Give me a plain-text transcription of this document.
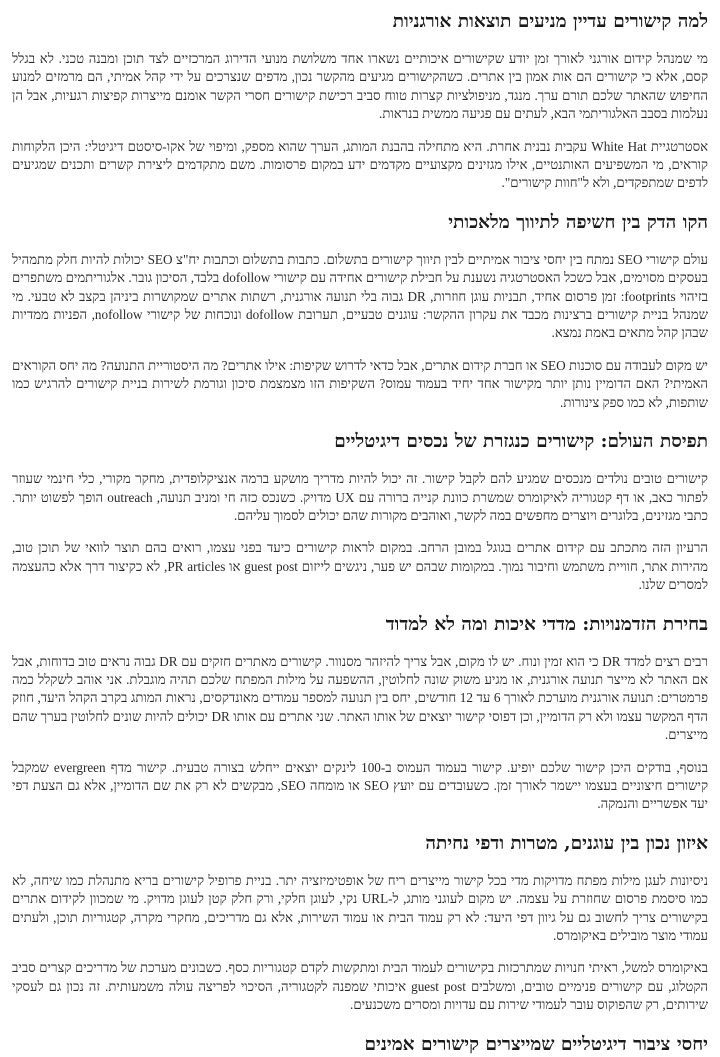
למה קישורים עדיין מניעים תוצאות אורגניות

מי שמנהל קידום אורגני לאורך זמן יודע שקישורים איכותיים נשארו אחד משלושת מנועי הדירוג המרכזיים לצד תוכן ומבנה טכני. לא בגלל קסם, אלא כי קישורים הם אות אמון בין אתרים. כשהקישורים מגיעים מהקשר נכון, מדפים שנצרכים על ידי קהל אמיתי, הם מרמזים למנוע החיפוש שהאתר שלכם תורם ערך. מנגד, מניפולציות קצרות טווח סביב רכישת קישורים חסרי הקשר אומנם מייצרות קפיצות רגעיות, אבל הן נעלמות בסבב האלגוריתמי הבא, לעתים עם פגיעה ממשית בנראות.

אסטרטגיית White Hat עקבית נבנית אחרת. היא מתחילה בהבנת המותג, הערך שהוא מספק, ומיפוי של אקו-סיסטם דיגיטלי: היכן הלקוחות קוראים, מי המשפיעים האותנטיים, אילו מגזינים מקצועיים מקדמים ידע במקום פרסומות. משם מתקדמים ליצירת קשרים ותכנים שמגיעים לדפים שמתפקדים, ולא ל"חוות קישורים".

הקו הדק בין חשיפה לתיווך מלאכותי

עולם קישורי SEO נמתח בין יחסי ציבור אמיתיים לבין תיווך קישורים בתשלום. כתבות בתשלום וכתבות יח"צ SEO יכולות להיות חלק מתמהיל בעסקים מסוימים, אבל כשכל האסטרטגיה נשענת על חבילת קישורים אחידה עם קישורי dofollow בלבד, הסיכון גובר. אלגוריתמים משתפרים בזיהוי footprints: זמן פרסום אחיד, תבניות עוגן חוזרות, DR גבוה בלי תנועה אורגנית, רשתות אתרים שמקושרות ביניהן בקצב לא טבעי. מי שמנהל בניית קישורים ברצינות מכבד את עקרון ההקשר: עוגנים טבעיים, תערובת dofollow ונוכחות של קישורי nofollow, הפניות ממדיות שבהן קהל מתאים באמת נמצא.

יש מקום לעבודה עם סוכנות SEO או חברת קידום אתרים, אבל כדאי לדרוש שקיפות: אילו אתרים? מה היסטוריית התנועה? מה יחס הקוראים האמיתי? האם הדומיין נותן יותר מקישור אחד יחיד בעמוד עמוס? השקיפות הזו מצמצמת סיכון וגורמת לשירות בניית קישורים להרגיש כמו שותפות, לא כמו ספק צינורות.

תפיסת העולם: קישורים כנגזרת של נכסים דיגיטליים

קישורים טובים נולדים מנכסים שמגיע להם לקבל קישור. זה יכול להיות מדריך מושקע ברמה אנציקלופדית, מחקר מקורי, כלי חינמי שעוזר לפתור כאב, או דף קטגוריה לאיקומרס שמשרת כוונת קנייה ברורה עם UX מדויק. כשנכס כזה חי ומניב תנועה, outreach הופך לפשוט יותר. כתבי מגזינים, בלוגרים ויוצרים מחפשים במה לקשר, ואוהבים מקורות שהם יכולים לסמוך עליהם.

הרעיון הזה מתכתב עם קידום אתרים בגוגל במובן הרחב. במקום לראות קישורים כיעד בפני עצמו, רואים בהם תוצר לוואי של תוכן טוב, מהירות אתר, חוויית משתמש וחיבור נמוך. במקומות שבהם יש פער, ניגשים לייזום guest post או PR articles, לא כקיצור דרך אלא כהעצמה למסרים שלנו.

בחירת הזדמנויות: מדדי איכות ומה לא למדוד

רבים רצים למדד DR כי הוא זמין ונוח. יש לו מקום, אבל צריך להיזהר מסנוור. קישורים מאתרים חזקים עם DR גבוה נראים טוב בדוחות, אבל אם האתר לא מייצר תנועה אורגנית, או מגיע משוק שונה לחלוטין, ההשפעה על מילות המפתח שלכם תהיה מוגבלת. אני אוהב לשקלל כמה פרמטרים: תנועה אורגנית מוערכת לאורך 6 עד 12 חודשים, יחס בין תנועה למספר עמודים מאונדקסים, נראות המותג בקרב הקהל היעד, חוזק הדף המקשר עצמו ולא רק הדומיין, וכן דפוסי קישור יוצאים של אותו האתר. שני אתרים עם אותו DR יכולים להיות שונים לחלוטין בערך שהם מייצרים.

בנוסף, בודקים היכן קישור שלכם יופיע. קישור בעמוד העמוס ב-100 לינקים יוצאים ייחלש בצורה טבעית. קישור מדף evergreen שמקבל קישורים חיצוניים בעצמו יישמר לאורך זמן. כשעובדים עם יועץ SEO או מומחה SEO, מבקשים לא רק את שם הדומיין, אלא גם הצעת דפי יעד אפשריים והנמקה.

איזון נכון בין עוגנים, מטרות ודפי נחיתה

ניסיונות לעגן מילות מפתח מדויקות מדי בכל קישור מייצרים ריח של אופטימיזציה יתר. בניית פרופיל קישורים בריא מתנהלת כמו שיחה, לא כמו סיסמת פרסום שחוזרת על עצמה. יש מקום לעוגני מותג, ל-URL נקי, לעוגן חלקי, ורק חלק קטן לעוגן מדויק. מי שמכוון לקידום אתרים בקישורים צריך לחשוב גם על גיוון דפי היעד: לא רק עמוד הבית או עמוד השירות, אלא גם מדריכים, מחקרי מקרה, קטגוריות תוכן, ולעתים עמודי מוצר מובילים באיקומרס.

באיקומרס למשל, ראיתי חנויות שמתרכזות בקישורים לעמוד הבית ומתקשות לקדם קטגוריות כסף. כשבונים מערכת של מדריכים קצרים סביב הקטלוג, עם קישורים פנימיים טובים, ומשלבים guest post איכותי שמפנה לקטגוריה, הסיכוי לפריצה עולה משמעותית. זה נכון גם לעסקי שירותים, רק שהפוקוס עובר לעמודי שירות עם עדויות ומסרים משכנעים.

יחסי ציבור דיגיטליים שמייצרים קישורים אמינים
